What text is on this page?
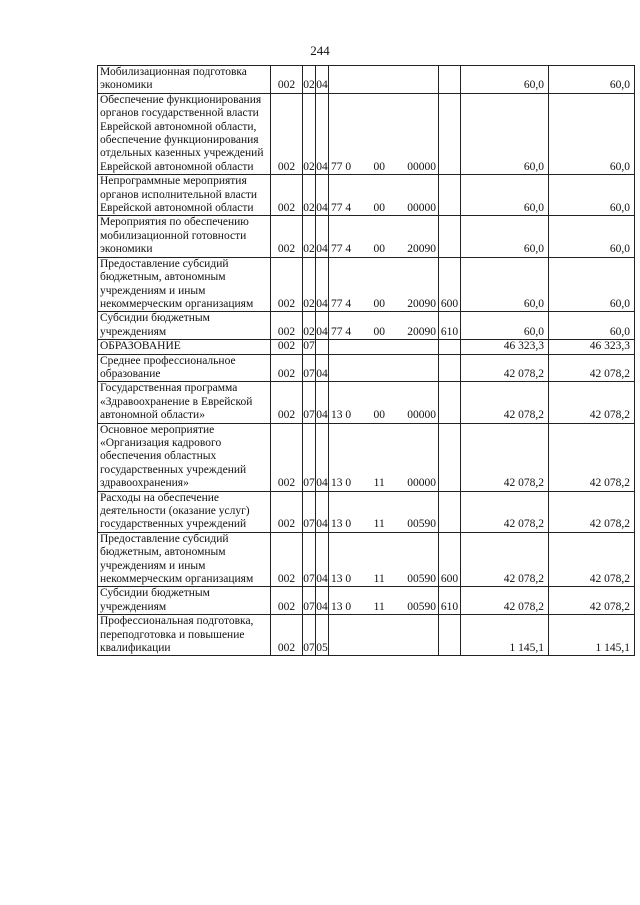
244
Мобилизационная подготовка экономики	002	02	04			60,0	60,0
Обеспечение функционирования органов государственной власти Еврейской автономной области, обеспечение функционирования отдельных казенных учреждений Еврейской автономной области	002	02	04	77 0 00 00000		60,0	60,0
Непрограммные мероприятия органов исполнительной власти Еврейской автономной области	002	02	04	77 4 00 00000		60,0	60,0
Мероприятия по обеспечению мобилизационной готовности экономики	002	02	04	77 4 00 20090		60,0	60,0
Предоставление субсидий бюджетным, автономным учреждениям и иным некоммерческим организациям	002	02	04	77 4 00 20090	600	60,0	60,0
Субсидии бюджетным учреждениям	002	02	04	77 4 00 20090	610	60,0	60,0
ОБРАЗОВАНИЕ	002	07				46 323,3	46 323,3
Среднее профессиональное образование	002	07	04			42 078,2	42 078,2
Государственная программа «Здравоохранение в Еврейской автономной области»	002	07	04	13 0 00 00000		42 078,2	42 078,2
Основное мероприятие «Организация кадрового обеспечения областных государственных учреждений здравоохранения»	002	07	04	13 0 11 00000		42 078,2	42 078,2
Расходы на обеспечение деятельности (оказание услуг) государственных учреждений	002	07	04	13 0 11 00590		42 078,2	42 078,2
Предоставление субсидий бюджетным, автономным учреждениям и иным некоммерческим организациям	002	07	04	13 0 11 00590	600	42 078,2	42 078,2
Субсидии бюджетным учреждениям	002	07	04	13 0 11 00590	610	42 078,2	42 078,2
Профессиональная подготовка, переподготовка и повышение квалификации	002	07	05			1 145,1	1 145,1
